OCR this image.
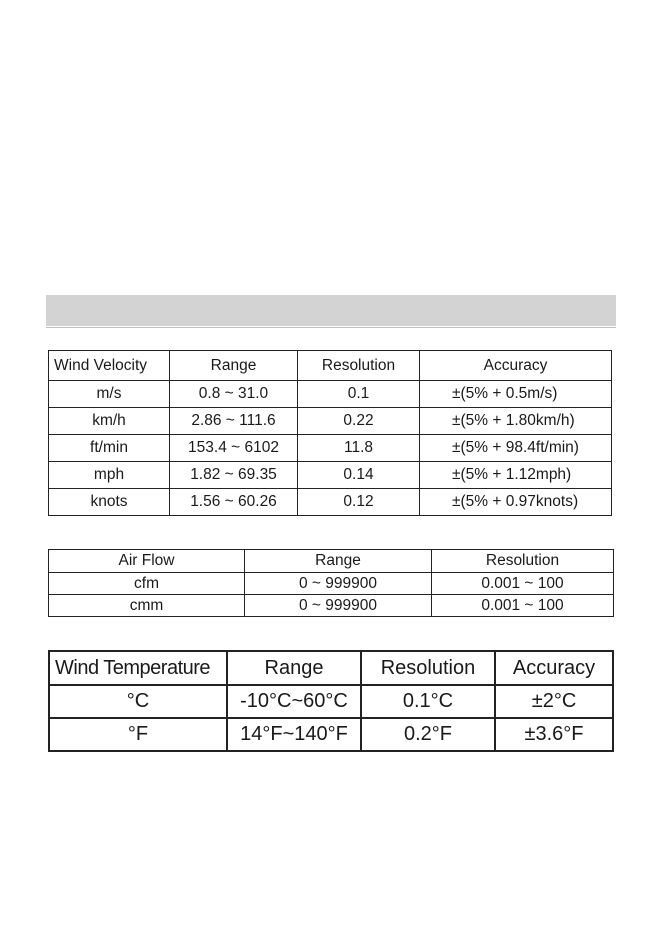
Wind Velocity	Range	Resolution	Accuracy
m/s	0.8 ~ 31.0	0.1	±(5% + 0.5m/s)
km/h	2.86 ~ 111.6	0.22	±(5% + 1.80km/h)
ft/min	153.4 ~ 6102	11.8	±(5% + 98.4ft/min)
mph	1.82 ~ 69.35	0.14	±(5% + 1.12mph)
knots	1.56 ~ 60.26	0.12	±(5% + 0.97knots)
Air Flow	Range	Resolution
cfm	0 ~ 999900	0.001 ~ 100
cmm	0 ~ 999900	0.001 ~ 100
Wind Temperature	Range	Resolution	Accuracy
°C	-10°C~60°C	0.1°C	±2°C
°F	14°F~140°F	0.2°F	±3.6°F
